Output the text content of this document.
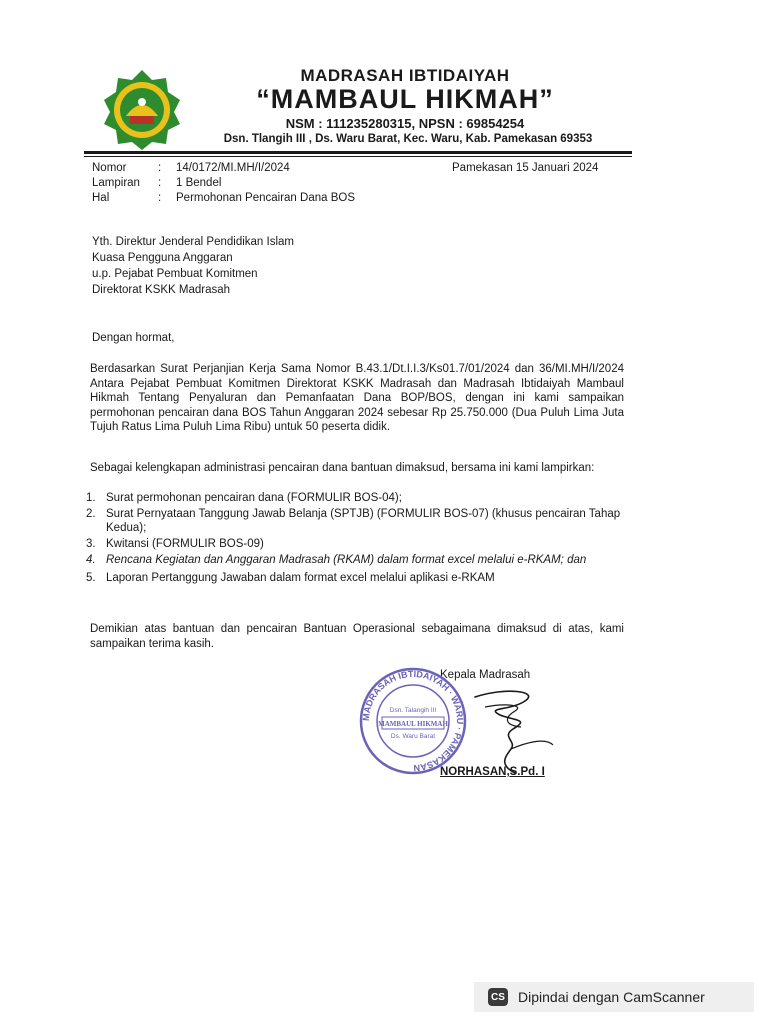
MADRASAH IBTIDAIYAH
“MAMBAUL HIKMAH”
NSM : 111235280315, NPSN : 69854254
Dsn. Tlangih III , Ds. Waru Barat, Kec. Waru, Kab. Pamekasan 69353
Nomor	: 14/0172/MI.MH/I/2024
Lampiran	: 1 Bendel
Hal	: Permohonan Pencairan Dana BOS
Pamekasan 15 Januari 2024
Yth. Direktur Jenderal Pendidikan Islam
Kuasa Pengguna Anggaran
u.p. Pejabat Pembuat Komitmen
Direktorat KSKK Madrasah
Dengan hormat,
Berdasarkan Surat Perjanjian Kerja Sama Nomor B.43.1/Dt.I.I.3/Ks01.7/01/2024 dan 36/MI.MH/I/2024 Antara Pejabat Pembuat Komitmen Direktorat KSKK Madrasah dan Madrasah Ibtidaiyah Mambaul Hikmah Tentang Penyaluran dan Pemanfaatan Dana BOP/BOS, dengan ini kami sampaikan permohonan pencairan dana BOS Tahun Anggaran 2024 sebesar Rp 25.750.000 (Dua Puluh Lima Juta Tujuh Ratus Lima Puluh Lima Ribu) untuk 50 peserta didik.
Sebagai kelengkapan administrasi pencairan dana bantuan dimaksud, bersama ini kami lampirkan:
1. Surat permohonan pencairan dana (FORMULIR BOS-04);
2. Surat Pernyataan Tanggung Jawab Belanja (SPTJB) (FORMULIR BOS-07) (khusus pencairan Tahap Kedua);
3. Kwitansi (FORMULIR BOS-09)
4. Rencana Kegiatan dan Anggaran Madrasah (RKAM) dalam format excel melalui e-RKAM; dan
5. Laporan Pertanggung Jawaban dalam format excel melalui aplikasi e-RKAM
Demikian atas bantuan dan pencairan Bantuan Operasional sebagaimana dimaksud di atas, kami sampaikan terima kasih.
Kepala Madrasah
MADRASAH IBTIDAIYAH · WARU · PAMEKASAN
Dsn. Talangih III
MAMBAUL HIKMAH
Ds. Waru Barat
NORHASAN,S.Pd. I
CS Dipindai dengan CamScanner
